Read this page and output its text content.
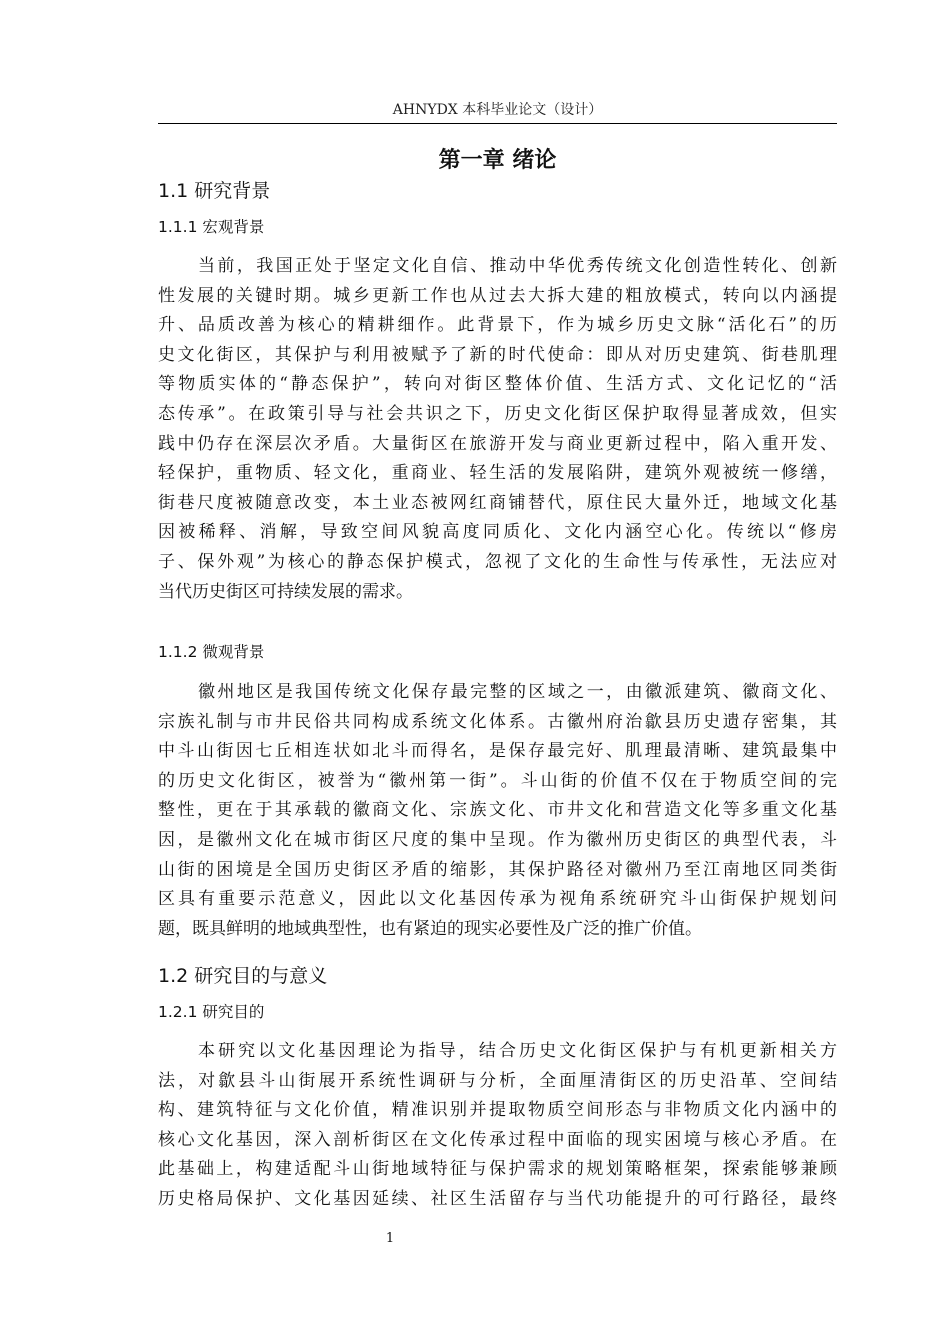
AHNYDX 本科毕业论文（设计）
第一章 绪论
1.1 研究背景
1.1.1 宏观背景
当前，我国正处于坚定文化自信、推动中华优秀传统文化创造性转化、创新
性发展的关键时期。城乡更新工作也从过去大拆大建的粗放模式，转向以内涵提
升、品质改善为核心的精耕细作。此背景下，作为城乡历史文脉“活化石”的历
史文化街区，其保护与利用被赋予了新的时代使命：即从对历史建筑、街巷肌理
等物质实体的“静态保护”，转向对街区整体价值、生活方式、文化记忆的“活
态传承”。在政策引导与社会共识之下，历史文化街区保护取得显著成效，但实
践中仍存在深层次矛盾。大量街区在旅游开发与商业更新过程中，陷入重开发、
轻保护，重物质、轻文化，重商业、轻生活的发展陷阱，建筑外观被统一修缮，
街巷尺度被随意改变，本土业态被网红商铺替代，原住民大量外迁，地域文化基
因被稀释、消解，导致空间风貌高度同质化、文化内涵空心化。传统以“修房
子、保外观”为核心的静态保护模式，忽视了文化的生命性与传承性，无法应对
当代历史街区可持续发展的需求。
1.1.2 微观背景
徽州地区是我国传统文化保存最完整的区域之一，由徽派建筑、徽商文化、
宗族礼制与市井民俗共同构成系统文化体系。古徽州府治歙县历史遗存密集，其
中斗山街因七丘相连状如北斗而得名，是保存最完好、肌理最清晰、建筑最集中
的历史文化街区，被誉为“徽州第一街”。斗山街的价值不仅在于物质空间的完
整性，更在于其承载的徽商文化、宗族文化、市井文化和营造文化等多重文化基
因，是徽州文化在城市街区尺度的集中呈现。作为徽州历史街区的典型代表，斗
山街的困境是全国历史街区矛盾的缩影，其保护路径对徽州乃至江南地区同类街
区具有重要示范意义，因此以文化基因传承为视角系统研究斗山街保护规划问
题，既具鲜明的地域典型性，也有紧迫的现实必要性及广泛的推广价值。
1.2 研究目的与意义
1.2.1 研究目的
本研究以文化基因理论为指导，结合历史文化街区保护与有机更新相关方
法，对歙县斗山街展开系统性调研与分析，全面厘清街区的历史沿革、空间结
构、建筑特征与文化价值，精准识别并提取物质空间形态与非物质文化内涵中的
核心文化基因，深入剖析街区在文化传承过程中面临的现实困境与核心矛盾。在
此基础上，构建适配斗山街地域特征与保护需求的规划策略框架，探索能够兼顾
历史格局保护、文化基因延续、社区生活留存与当代功能提升的可行路径，最终
1
